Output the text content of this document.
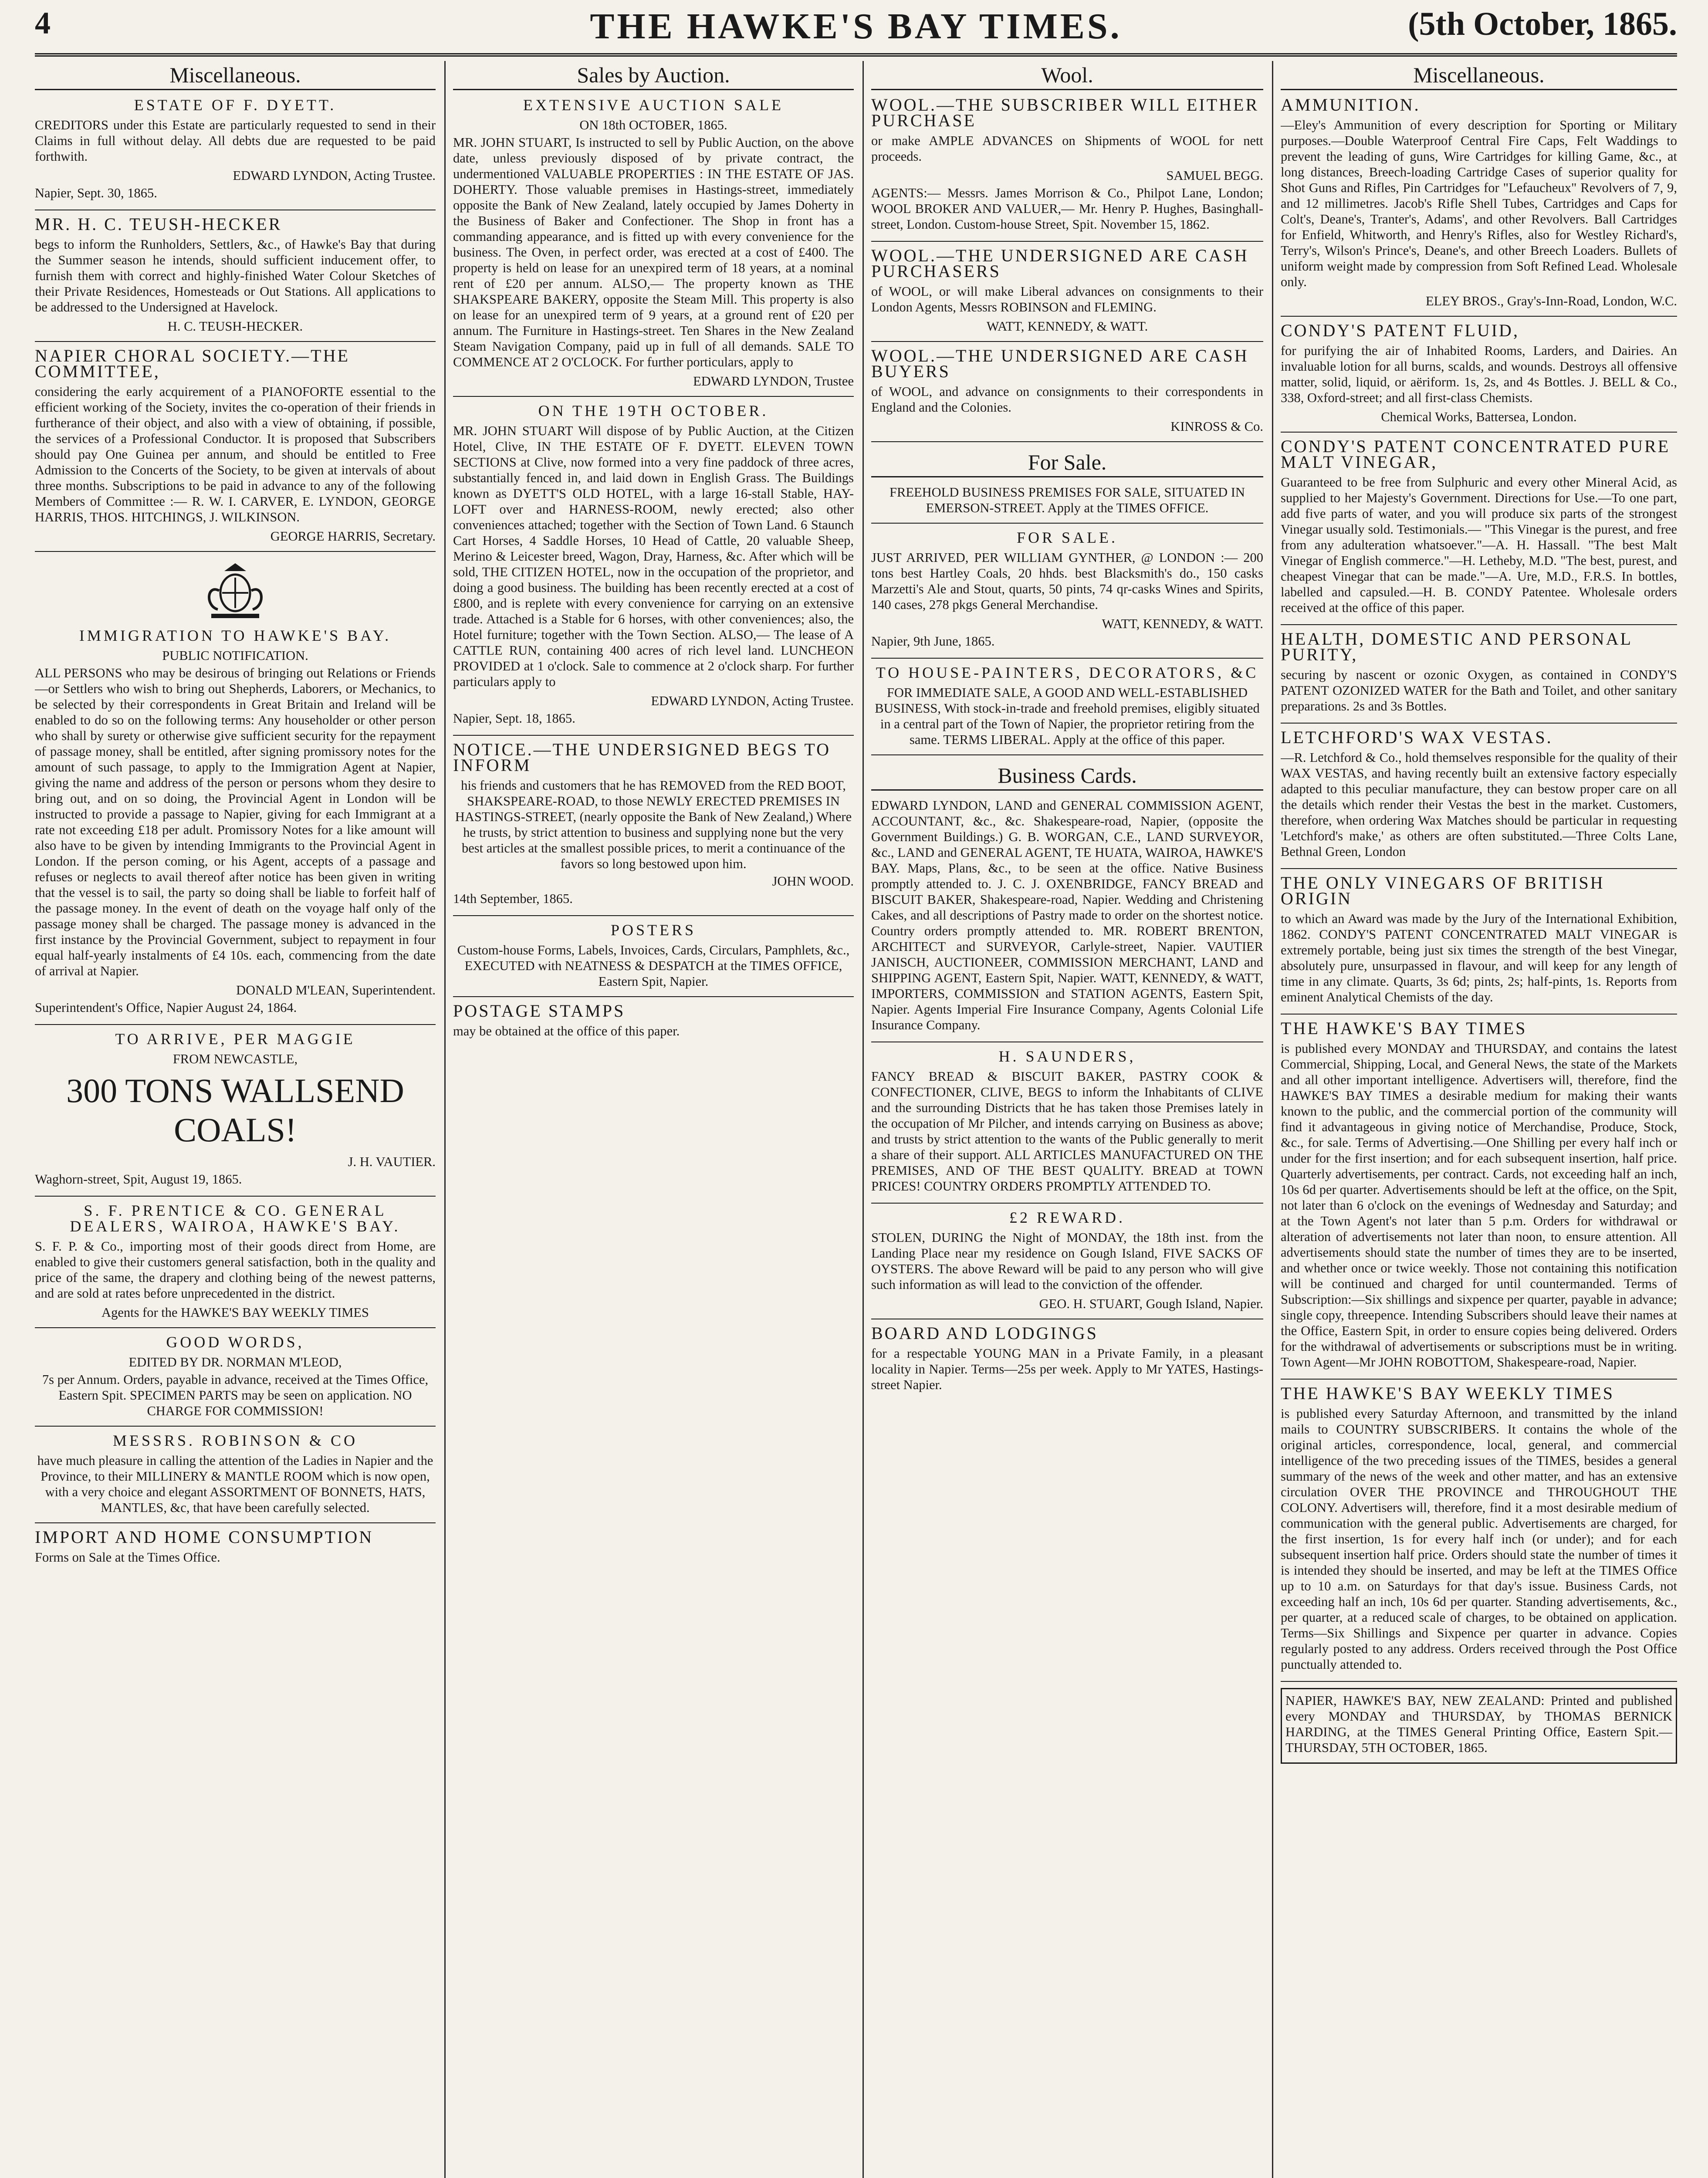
4	THE HAWKE'S BAY TIMES.	(5th October, 1865.
Miscellaneous.
ESTATE OF F. DYETT.

CREDITORS under this Estate are particularly requested to send in their Claims in full without delay. All debts due are requested to be paid forthwith.

EDWARD LYNDON, Acting Trustee.

Napier, Sept. 30, 1865.

MR. H. C. TEUSH-HECKER

begs to inform the Runholders, Settlers, &c., of Hawke's Bay that during the Summer season he intends, should sufficient inducement offer, to furnish them with correct and highly-finished Water Colour Sketches of their Private Residences, Homesteads or Out Stations. All applications to be addressed to the Undersigned at Havelock.

H. C. TEUSH-HECKER.

NAPIER CHORAL SOCIETY.—THE COMMITTEE,

considering the early acquirement of a PIANOFORTE essential to the efficient working of the Society, invites the co-operation of their friends in furtherance of their object, and also with a view of obtaining, if possible, the services of a Professional Conductor. It is proposed that Subscribers should pay One Guinea per annum, and should be entitled to Free Admission to the Concerts of the Society, to be given at intervals of about three months. Subscriptions to be paid in advance to any of the following Members of Committee :— R. W. I. CARVER, E. LYNDON, GEORGE HARRIS, THOS. HITCHINGS, J. WILKINSON.

GEORGE HARRIS, Secretary.

IMMIGRATION TO HAWKE'S BAY.

PUBLIC NOTIFICATION.

ALL PERSONS who may be desirous of bringing out Relations or Friends—or Settlers who wish to bring out Shepherds, Laborers, or Mechanics, to be selected by their correspondents in Great Britain and Ireland will be enabled to do so on the following terms: Any householder or other person who shall by surety or otherwise give sufficient security for the repayment of passage money, shall be entitled, after signing promissory notes for the amount of such passage, to apply to the Immigration Agent at Napier, giving the name and address of the person or persons whom they desire to bring out, and on so doing, the Provincial Agent in London will be instructed to provide a passage to Napier, giving for each Immigrant at a rate not exceeding £18 per adult. Promissory Notes for a like amount will also have to be given by intending Immigrants to the Provincial Agent in London. If the person coming, or his Agent, accepts of a passage and refuses or neglects to avail thereof after notice has been given in writing that the vessel is to sail, the party so doing shall be liable to forfeit half of the passage money. In the event of death on the voyage half only of the passage money shall be charged. The passage money is advanced in the first instance by the Provincial Government, subject to repayment in four equal half-yearly instalments of £4 10s. each, commencing from the date of arrival at Napier.

DONALD M'LEAN, Superintendent.

Superintendent's Office, Napier August 24, 1864.

TO ARRIVE, PER MAGGIE

FROM NEWCASTLE,

300 TONS WALLSEND COALS!

J. H. VAUTIER.

Waghorn-street, Spit, August 19, 1865.

S. F. PRENTICE & CO. GENERAL DEALERS, WAIROA, HAWKE'S BAY.

S. F. P. & Co., importing most of their goods direct from Home, are enabled to give their customers general satisfaction, both in the quality and price of the same, the drapery and clothing being of the newest patterns, and are sold at rates before unprecedented in the district.

Agents for the HAWKE'S BAY WEEKLY TIMES

GOOD WORDS,

EDITED BY DR. NORMAN M'LEOD,

7s per Annum. Orders, payable in advance, received at the Times Office, Eastern Spit. SPECIMEN PARTS may be seen on application. NO CHARGE FOR COMMISSION!

MESSRS. ROBINSON & CO

have much pleasure in calling the attention of the Ladies in Napier and the Province, to their MILLINERY & MANTLE ROOM which is now open, with a very choice and elegant ASSORTMENT OF BONNETS, HATS, MANTLES, &c, that have been carefully selected.

IMPORT AND HOME CONSUMPTION

Forms on Sale at the Times Office.

Sales by Auction.
EXTENSIVE AUCTION SALE

ON 18th OCTOBER, 1865.

MR. JOHN STUART, Is instructed to sell by Public Auction, on the above date, unless previously disposed of by private contract, the undermentioned VALUABLE PROPERTIES : IN THE ESTATE OF JAS. DOHERTY. Those valuable premises in Hastings-street, immediately opposite the Bank of New Zealand, lately occupied by James Doherty in the Business of Baker and Confectioner. The Shop in front has a commanding appearance, and is fitted up with every convenience for the business. The Oven, in perfect order, was erected at a cost of £400. The property is held on lease for an unexpired term of 18 years, at a nominal rent of £20 per annum. ALSO,— The property known as THE SHAKSPEARE BAKERY, opposite the Steam Mill. This property is also on lease for an unexpired term of 9 years, at a ground rent of £20 per annum. The Furniture in Hastings-street. Ten Shares in the New Zealand Steam Navigation Company, paid up in full of all demands. SALE TO COMMENCE AT 2 O'CLOCK. For further porticulars, apply to

EDWARD LYNDON, Trustee

ON THE 19TH OCTOBER.

MR. JOHN STUART Will dispose of by Public Auction, at the Citizen Hotel, Clive, IN THE ESTATE OF F. DYETT. ELEVEN TOWN SECTIONS at Clive, now formed into a very fine paddock of three acres, substantially fenced in, and laid down in English Grass. The Buildings known as DYETT'S OLD HOTEL, with a large 16-stall Stable, HAY-LOFT over and HARNESS-ROOM, newly erected; also other conveniences attached; together with the Section of Town Land. 6 Staunch Cart Horses, 4 Saddle Horses, 10 Head of Cattle, 20 valuable Sheep, Merino & Leicester breed, Wagon, Dray, Harness, &c. After which will be sold, THE CITIZEN HOTEL, now in the occupation of the proprietor, and doing a good business. The building has been recently erected at a cost of £800, and is replete with every convenience for carrying on an extensive trade. Attached is a Stable for 6 horses, with other conveniences; also, the Hotel furniture; together with the Town Section. ALSO,— The lease of A CATTLE RUN, containing 400 acres of rich level land. LUNCHEON PROVIDED at 1 o'clock. Sale to commence at 2 o'clock sharp. For further particulars apply to

EDWARD LYNDON, Acting Trustee.

Napier, Sept. 18, 1865.

NOTICE.—THE UNDERSIGNED BEGS TO INFORM

his friends and customers that he has REMOVED from the RED BOOT, SHAKSPEARE-ROAD, to those NEWLY ERECTED PREMISES IN HASTINGS-STREET, (nearly opposite the Bank of New Zealand,) Where he trusts, by strict attention to business and supplying none but the very best articles at the smallest possible prices, to merit a continuance of the favors so long bestowed upon him.

JOHN WOOD.

14th September, 1865.

POSTERS

Custom-house Forms, Labels, Invoices, Cards, Circulars, Pamphlets, &c., EXECUTED with NEATNESS & DESPATCH at the TIMES OFFICE, Eastern Spit, Napier.

POSTAGE STAMPS

may be obtained at the office of this paper.

Wool.
WOOL.—THE SUBSCRIBER WILL EITHER PURCHASE

or make AMPLE ADVANCES on Shipments of WOOL for nett proceeds.

SAMUEL BEGG.

AGENTS:— Messrs. James Morrison & Co., Philpot Lane, London; WOOL BROKER AND VALUER,— Mr. Henry P. Hughes, Basinghall-street, London. Custom-house Street, Spit. November 15, 1862.

WOOL.—THE UNDERSIGNED ARE CASH PURCHASERS

of WOOL, or will make Liberal advances on consignments to their London Agents, Messrs ROBINSON and FLEMING.

WATT, KENNEDY, & WATT.

WOOL.—THE UNDERSIGNED ARE CASH BUYERS

of WOOL, and advance on consignments to their correspondents in England and the Colonies.

KINROSS & Co.

For Sale.

FREEHOLD BUSINESS PREMISES FOR SALE, SITUATED IN EMERSON-STREET. Apply at the TIMES OFFICE.

FOR SALE.

JUST ARRIVED, PER WILLIAM GYNTHER, @ LONDON :— 200 tons best Hartley Coals, 20 hhds. best Blacksmith's do., 150 casks Marzetti's Ale and Stout, quarts, 50 pints, 74 qr-casks Wines and Spirits, 140 cases, 278 pkgs General Merchandise.

WATT, KENNEDY, & WATT.

Napier, 9th June, 1865.

TO HOUSE-PAINTERS, DECORATORS, &C

FOR IMMEDIATE SALE, A GOOD AND WELL-ESTABLISHED BUSINESS, With stock-in-trade and freehold premises, eligibly situated in a central part of the Town of Napier, the proprietor retiring from the same. TERMS LIBERAL. Apply at the office of this paper.

Business Cards.

EDWARD LYNDON, LAND and GENERAL COMMISSION AGENT, ACCOUNTANT, &c., &c. Shakespeare-road, Napier, (opposite the Government Buildings.) G. B. WORGAN, C.E., LAND SURVEYOR, &c., LAND and GENERAL AGENT, TE HUATA, WAIROA, HAWKE'S BAY. Maps, Plans, &c., to be seen at the office. Native Business promptly attended to. J. C. J. OXENBRIDGE, FANCY BREAD and BISCUIT BAKER, Shakespeare-road, Napier. Wedding and Christening Cakes, and all descriptions of Pastry made to order on the shortest notice. Country orders promptly attended to. MR. ROBERT BRENTON, ARCHITECT and SURVEYOR, Carlyle-street, Napier. VAUTIER JANISCH, AUCTIONEER, COMMISSION MERCHANT, LAND and SHIPPING AGENT, Eastern Spit, Napier. WATT, KENNEDY, & WATT, IMPORTERS, COMMISSION and STATION AGENTS, Eastern Spit, Napier. Agents Imperial Fire Insurance Company, Agents Colonial Life Insurance Company.

H. SAUNDERS,

FANCY BREAD & BISCUIT BAKER, PASTRY COOK & CONFECTIONER, CLIVE, BEGS to inform the Inhabitants of CLIVE and the surrounding Districts that he has taken those Premises lately in the occupation of Mr Pilcher, and intends carrying on Business as above; and trusts by strict attention to the wants of the Public generally to merit a share of their support. ALL ARTICLES MANUFACTURED ON THE PREMISES, AND OF THE BEST QUALITY. BREAD at TOWN PRICES! COUNTRY ORDERS PROMPTLY ATTENDED TO.

£2 REWARD.

STOLEN, DURING the Night of MONDAY, the 18th inst. from the Landing Place near my residence on Gough Island, FIVE SACKS OF OYSTERS. The above Reward will be paid to any person who will give such information as will lead to the conviction of the offender.

GEO. H. STUART, Gough Island, Napier.

BOARD AND LODGINGS

for a respectable YOUNG MAN in a Private Family, in a pleasant locality in Napier. Terms—25s per week. Apply to Mr YATES, Hastings-street Napier.

Miscellaneous.
AMMUNITION.

—Eley's Ammunition of every description for Sporting or Military purposes.—Double Waterproof Central Fire Caps, Felt Waddings to prevent the leading of guns, Wire Cartridges for killing Game, &c., at long distances, Breech-loading Cartridge Cases of superior quality for Shot Guns and Rifles, Pin Cartridges for "Lefaucheux" Revolvers of 7, 9, and 12 millimetres. Jacob's Rifle Shell Tubes, Cartridges and Caps for Colt's, Deane's, Tranter's, Adams', and other Revolvers. Ball Cartridges for Enfield, Whitworth, and Henry's Rifles, also for Westley Richard's, Terry's, Wilson's Prince's, Deane's, and other Breech Loaders. Bullets of uniform weight made by compression from Soft Refined Lead. Wholesale only.

ELEY BROS., Gray's-Inn-Road, London, W.C.

CONDY'S PATENT FLUID,

for purifying the air of Inhabited Rooms, Larders, and Dairies. An invaluable lotion for all burns, scalds, and wounds. Destroys all offensive matter, solid, liquid, or aëriform. 1s, 2s, and 4s Bottles. J. BELL & Co., 338, Oxford-street; and all first-class Chemists.

Chemical Works, Battersea, London.

CONDY'S PATENT CONCENTRATED PURE MALT VINEGAR,

Guaranteed to be free from Sulphuric and every other Mineral Acid, as supplied to her Majesty's Government. Directions for Use.—To one part, add five parts of water, and you will produce six parts of the strongest Vinegar usually sold. Testimonials.— "This Vinegar is the purest, and free from any adulteration whatsoever."—A. H. Hassall. "The best Malt Vinegar of English commerce."—H. Letheby, M.D. "The best, purest, and cheapest Vinegar that can be made."—A. Ure, M.D., F.R.S. In bottles, labelled and capsuled.—H. B. CONDY Patentee. Wholesale orders received at the office of this paper.

HEALTH, DOMESTIC AND PERSONAL PURITY,

securing by nascent or ozonic Oxygen, as contained in CONDY'S PATENT OZONIZED WATER for the Bath and Toilet, and other sanitary preparations. 2s and 3s Bottles.

LETCHFORD'S WAX VESTAS.

—R. Letchford & Co., hold themselves responsible for the quality of their WAX VESTAS, and having recently built an extensive factory especially adapted to this peculiar manufacture, they can bestow proper care on all the details which render their Vestas the best in the market. Customers, therefore, when ordering Wax Matches should be particular in requesting 'Letchford's make,' as others are often substituted.—Three Colts Lane, Bethnal Green, London

THE ONLY VINEGARS OF BRITISH ORIGIN

to which an Award was made by the Jury of the International Exhibition, 1862. CONDY'S PATENT CONCENTRATED MALT VINEGAR is extremely portable, being just six times the strength of the best Vinegar, absolutely pure, unsurpassed in flavour, and will keep for any length of time in any climate. Quarts, 3s 6d; pints, 2s; half-pints, 1s. Reports from eminent Analytical Chemists of the day.

THE HAWKE'S BAY TIMES

is published every MONDAY and THURSDAY, and contains the latest Commercial, Shipping, Local, and General News, the state of the Markets and all other important intelligence. Advertisers will, therefore, find the HAWKE'S BAY TIMES a desirable medium for making their wants known to the public, and the commercial portion of the community will find it advantageous in giving notice of Merchandise, Produce, Stock, &c., for sale. Terms of Advertising.—One Shilling per every half inch or under for the first insertion; and for each subsequent insertion, half price. Quarterly advertisements, per contract. Cards, not exceeding half an inch, 10s 6d per quarter. Advertisements should be left at the office, on the Spit, not later than 6 o'clock on the evenings of Wednesday and Saturday; and at the Town Agent's not later than 5 p.m. Orders for withdrawal or alteration of advertisements not later than noon, to ensure attention. All advertisements should state the number of times they are to be inserted, and whether once or twice weekly. Those not containing this notification will be continued and charged for until countermanded. Terms of Subscription:—Six shillings and sixpence per quarter, payable in advance; single copy, threepence. Intending Subscribers should leave their names at the Office, Eastern Spit, in order to ensure copies being delivered. Orders for the withdrawal of advertisements or subscriptions must be in writing. Town Agent—Mr JOHN ROBOTTOM, Shakespeare-road, Napier.

THE HAWKE'S BAY WEEKLY TIMES

is published every Saturday Afternoon, and transmitted by the inland mails to COUNTRY SUBSCRIBERS. It contains the whole of the original articles, correspondence, local, general, and commercial intelligence of the two preceding issues of the TIMES, besides a general summary of the news of the week and other matter, and has an extensive circulation OVER THE PROVINCE and THROUGHOUT THE COLONY. Advertisers will, therefore, find it a most desirable medium of communication with the general public. Advertisements are charged, for the first insertion, 1s for every half inch (or under); and for each subsequent insertion half price. Orders should state the number of times it is intended they should be inserted, and may be left at the TIMES Office up to 10 a.m. on Saturdays for that day's issue. Business Cards, not exceeding half an inch, 10s 6d per quarter. Standing advertisements, &c., per quarter, at a reduced scale of charges, to be obtained on application. Terms—Six Shillings and Sixpence per quarter in advance. Copies regularly posted to any address. Orders received through the Post Office punctually attended to.

NAPIER, HAWKE'S BAY, NEW ZEALAND: Printed and published every MONDAY and THURSDAY, by THOMAS BERNICK HARDING, at the TIMES General Printing Office, Eastern Spit.—THURSDAY, 5TH OCTOBER, 1865.
